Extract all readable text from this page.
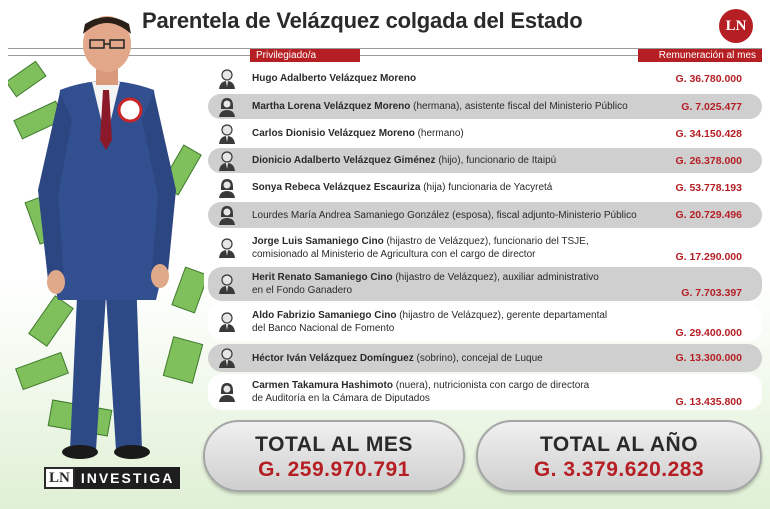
Parentela de Velázquez colgada del Estado	LN
Privilegiado/a	Remuneración al mes
Hugo Adalberto Velázquez Moreno	G. 36.780.000
Martha Lorena Velázquez Moreno (hermana), asistente fiscal del Ministerio Público	G. 7.025.477
Carlos Dionisio Velázquez Moreno (hermano)	G. 34.150.428
Dionicio Adalberto Velázquez Giménez (hijo), funcionario de Itaipú	G. 26.378.000
Sonya Rebeca Velázquez Escauriza (hija) funcionaria de Yacyretá	G. 53.778.193
Lourdes María Andrea Samaniego González (esposa), fiscal adjunto-Ministerio Público	G. 20.729.496
Jorge Luis Samaniego Cino (hijastro de Velázquez), funcionario del TSJE,
comisionado al Ministerio de Agricultura con el cargo de director	G. 17.290.000
Herit Renato Samaniego Cino (hijastro de Velázquez), auxiliar administrativo
en el Fondo Ganadero	G. 7.703.397
Aldo Fabrizio Samaniego Cino (hijastro de Velázquez), gerente departamental
del Banco Nacional de Fomento	G. 29.400.000
Héctor Iván Velázquez Domínguez (sobrino), concejal de Luque	G. 13.300.000
Carmen Takamura Hashimoto (nuera), nutricionista con cargo de directora
de Auditoría en la Cámara de Diputados	G. 13.435.800
TOTAL AL MES
G. 259.970.791
TOTAL AL AÑO
G. 3.379.620.283
LN INVESTIGA
